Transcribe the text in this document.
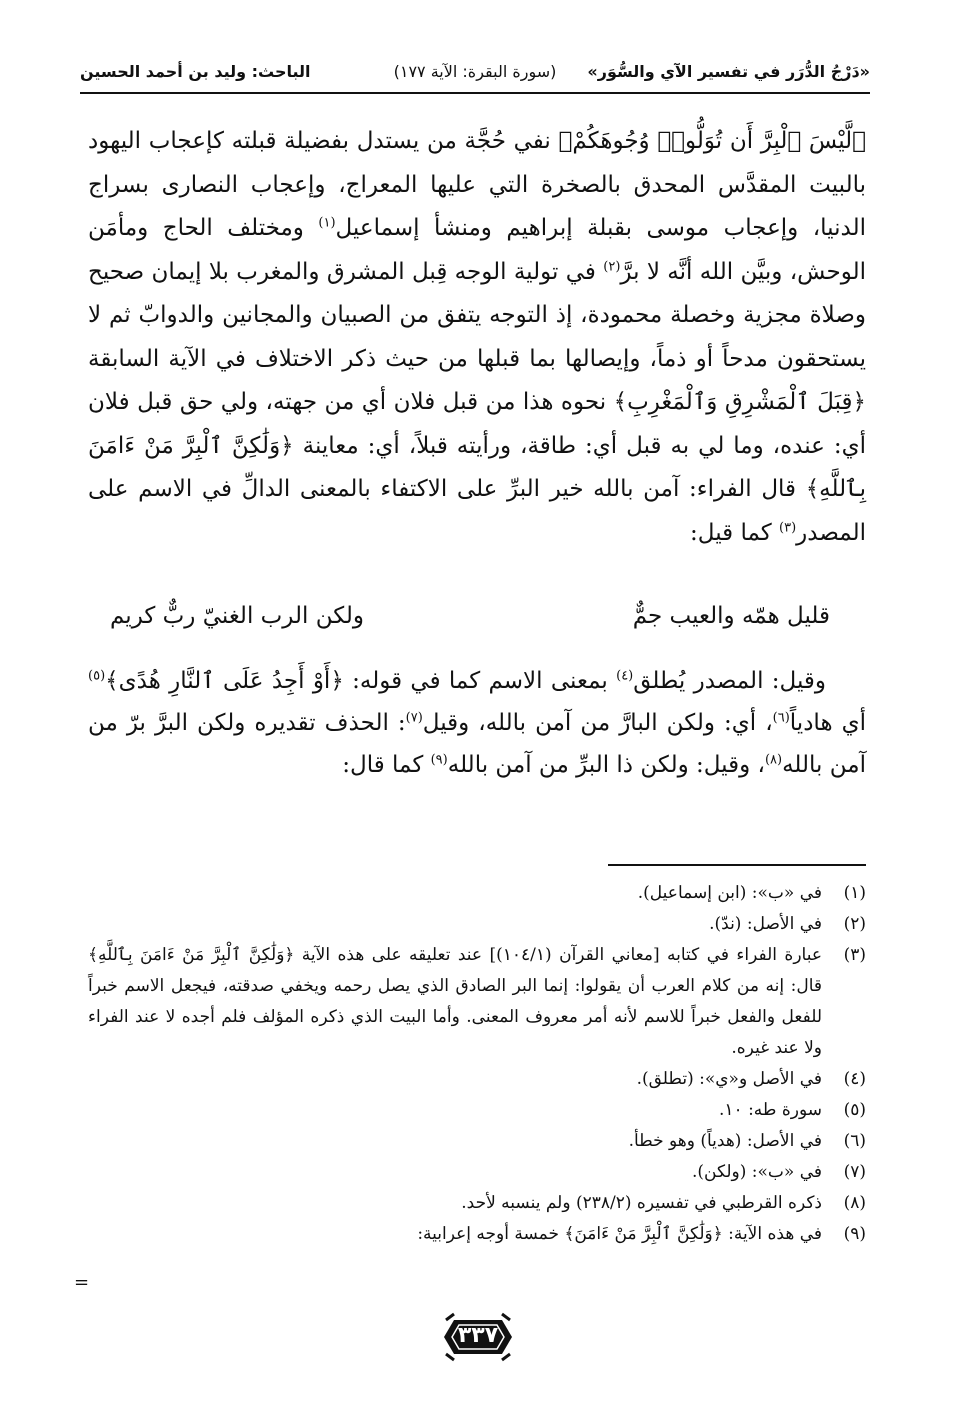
«دَرْجُ الدُّرَر في تفسير الآي والسُّوَر»
(سورة البقرة: الآية ١٧٧)
الباحث: وليد بن أحمد الحسين

﴿لَّيْسَ ٱلْبِرَّ أَن تُوَلُّوا۟ وُجُوهَكُمْ﴾ نفي حُجَّة من يستدل بفضيلة قبلته كإعجاب اليهود بالبيت المقدَّس المحدق بالصخرة التي عليها المعراج، وإعجاب النصارى بسراج الدنيا، وإعجاب موسى بقبلة إبراهيم ومنشأ إسماعيل$^{(١)}$ ومختلف الحاج ومأمَن الوحش، وبيَّن الله أنَّه لا برَّ$^{(٢)}$ في تولية الوجه قِبل المشرق والمغرب بلا إيمان صحيح وصلاة مجزية وخصلة محمودة، إذ التوجه يتفق من الصبيان والمجانين والدوابّ ثم لا يستحقون مدحاً أو ذماً، وإيصالها بما قبلها من حيث ذكر الاختلاف في الآية السابقة ﴿قِبَلَ ٱلْمَشْرِقِ وَٱلْمَغْرِبِ﴾ نحوه هذا من قبل فلان أي من جهته، ولي حق قبل فلان أي: عنده، وما لي به قبل أي: طاقة، ورأيته قبلاً، أي: معاينة ﴿وَلَٰكِنَّ ٱلْبِرَّ مَنْ ءَامَنَ بِٱللَّهِ﴾ قال الفراء: آمن بالله خير البرِّ على الاكتفاء بالمعنى الدالِّ في الاسم على المصدر$^{(٣)}$ كما قيل:

قليل همّه والعيب جمٌّ
ولكن الرب الغنيّ ربٌّ كريم

وقيل: المصدر يُطلق$^{(٤)}$ بمعنى الاسم كما في قوله: ﴿أَوْ أَجِدُ عَلَى ٱلنَّارِ هُدًى﴾$^{(٥)}$ أي هادياً$^{(٦)}$، أي: ولكن البارَّ من آمن بالله، وقيل$^{(٧)}$: الحذف تقديره ولكن البرَّ برّ من آمن بالله$^{(٨)}$، وقيل: ولكن ذا البرِّ من آمن بالله$^{(٩)}$ كما قال:

(١)
في «ب»: (ابن إسماعيل).
(٢)
في الأصل: (ندّ).
(٣)
عبارة الفراء في كتابه [معاني القرآن (١٠٤/١)] عند تعليقه على هذه الآية ﴿وَلَٰكِنَّ ٱلْبِرَّ مَنْ ءَامَنَ بِٱللَّهِ﴾ قال: إنه من كلام العرب أن يقولوا: إنما البر الصادق الذي يصل رحمه ويخفي صدقته، فيجعل الاسم خبراً للفعل والفعل خبراً للاسم لأنه أمر معروف المعنى. وأما البيت الذي ذكره المؤلف فلم أجده لا عند الفراء ولا عند غيره.
(٤)
في الأصل و«ي»: (تطلق).
(٥)
سورة طه: ١٠.
(٦)
في الأصل: (هدياً) وهو خطأ.
(٧)
في «ب»: (ولكن).
(٨)
ذكره القرطبي في تفسيره (٢٣٨/٢) ولم ينسبه لأحد.
(٩)
في هذه الآية: ﴿وَلَٰكِنَّ ٱلْبِرَّ مَنْ ءَامَنَ﴾ خمسة أوجه إعرابية:
=
٣٣٧
